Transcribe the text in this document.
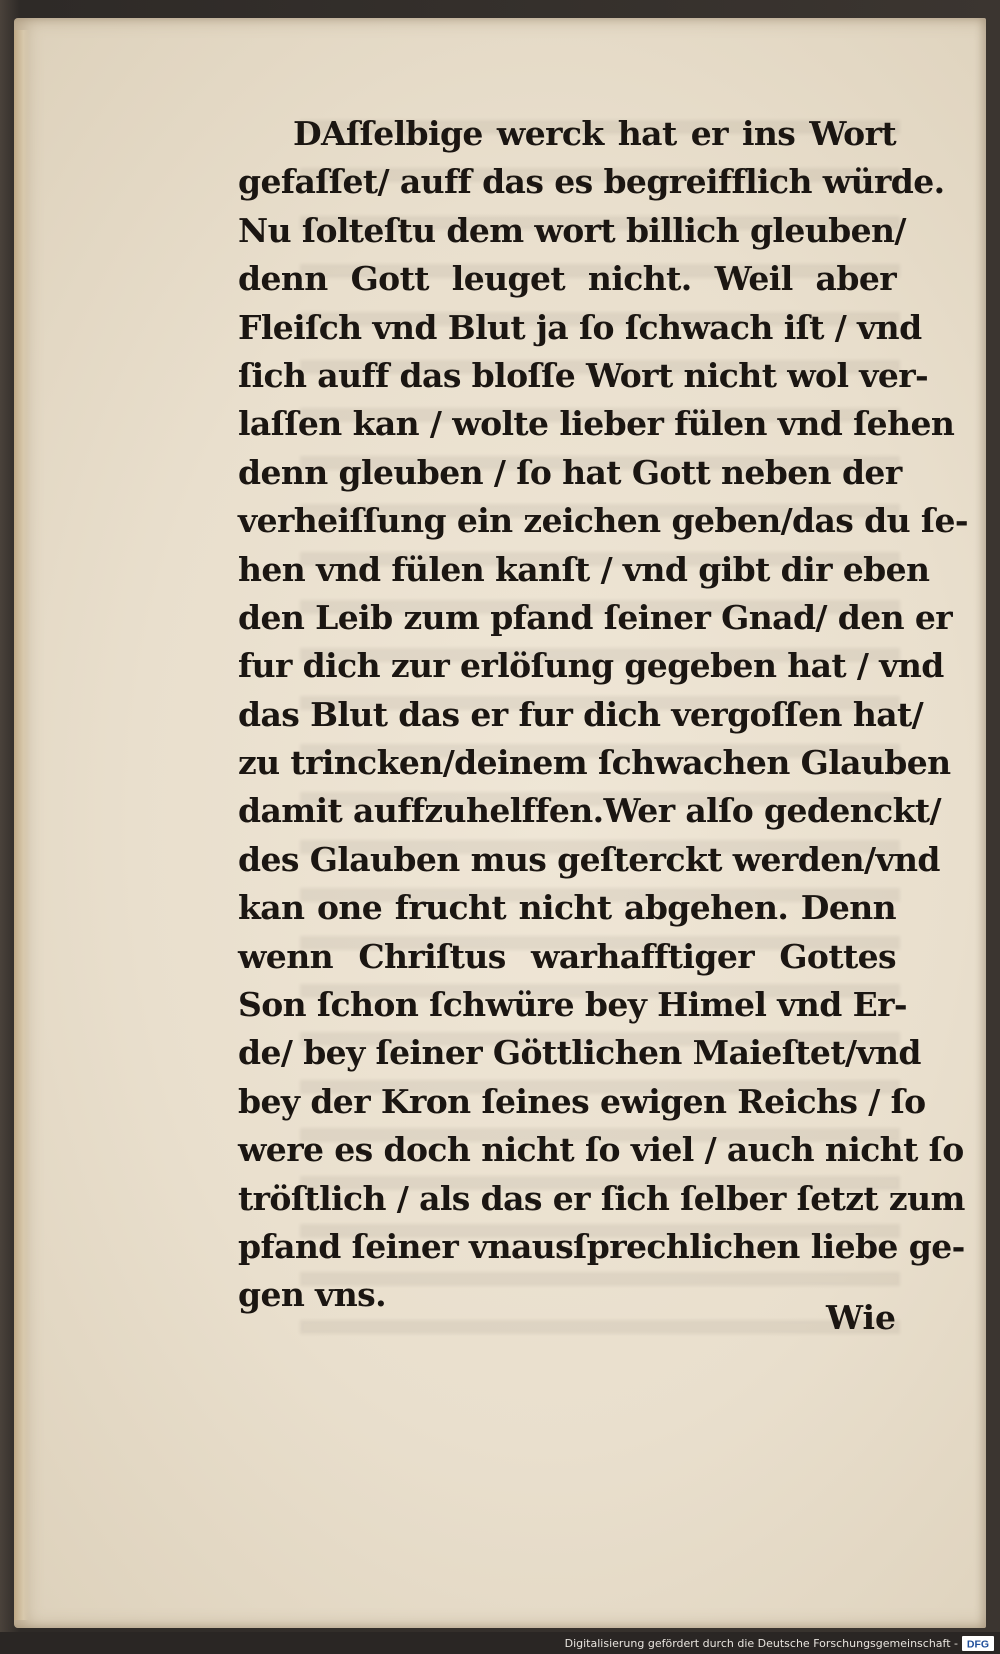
DAſſelbige werck hat er ins Wort
gefaſſet/ auff das es begreifflich würde.
Nu ſolteſtu dem wort billich gleuben/
denn Gott leuget nicht. Weil aber
Fleiſch vnd Blut ja ſo ſchwach iſt / vnd
ſich auff das bloſſe Wort nicht wol ver-
laſſen kan / wolte lieber fülen vnd ſehen
denn gleuben / ſo hat Gott neben der
verheiſſung ein zeichen geben/das du ſe-
hen vnd fülen kanſt / vnd gibt dir eben
den Leib zum pfand ſeiner Gnad/ den er
fur dich zur erlöſung gegeben hat / vnd
das Blut das er fur dich vergoſſen hat/
zu trincken/deinem ſchwachen Glauben
damit auffzuhelffen.Wer alſo gedenckt/
des Glauben mus geſterckt werden/vnd
kan one frucht nicht abgehen. Denn
wenn Chriſtus warhafftiger Gottes
Son ſchon ſchwüre bey Himel vnd Er-
de/ bey ſeiner Göttlichen Maieſtet/vnd
bey der Kron ſeines ewigen Reichs / ſo
were es doch nicht ſo viel / auch nicht ſo
tröſtlich / als das er ſich ſelber ſetzt zum
pfand ſeiner vnausſprechlichen liebe ge-
gen vns.
Wie
Digitalisierung gefördert durch die Deutsche Forschungsgemeinschaft - DFG
